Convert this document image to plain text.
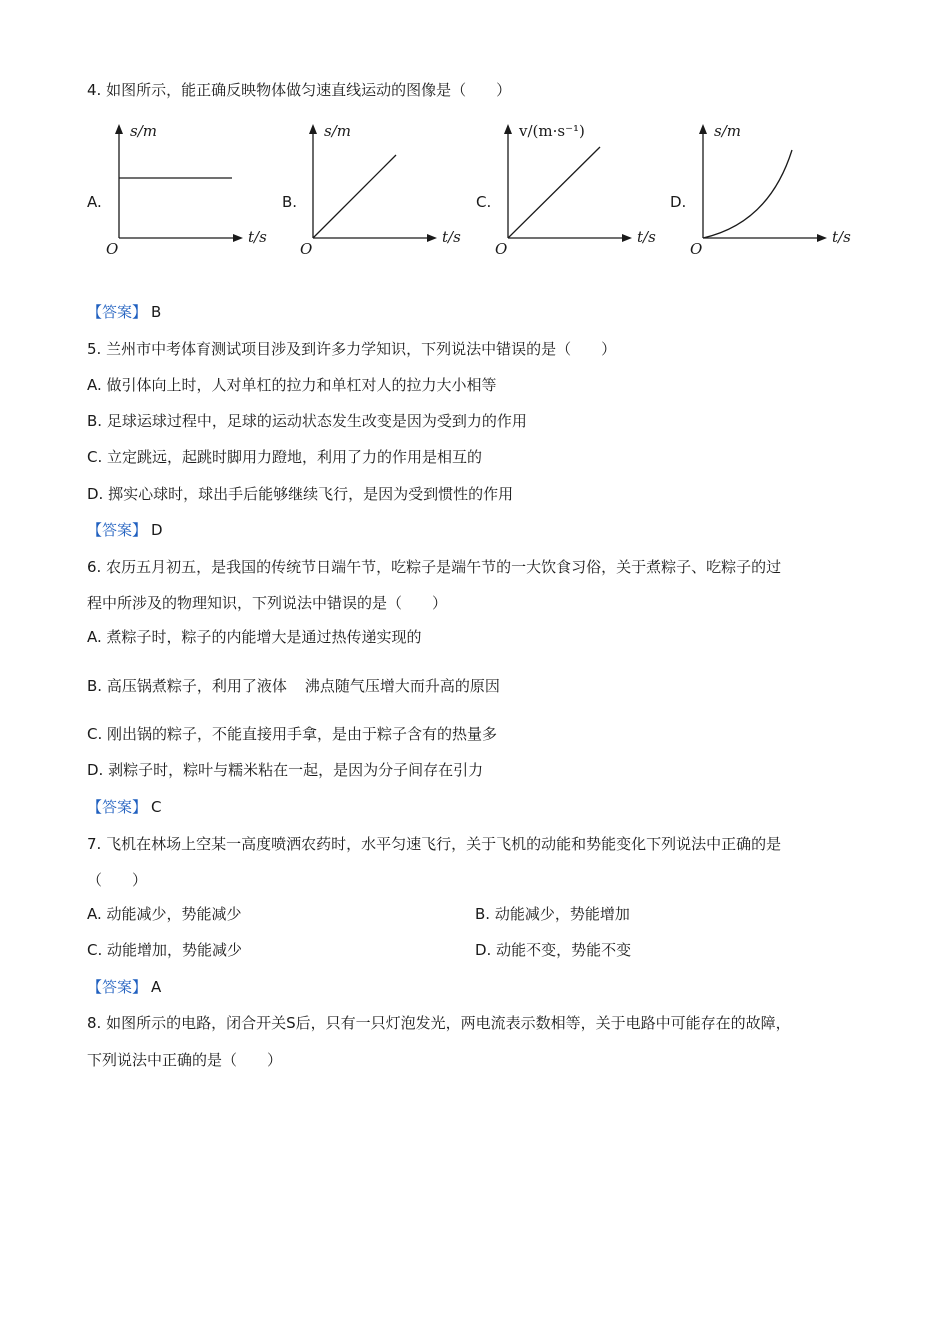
4. 如图所示，能正确反映物体做匀速直线运动的图像是（　　）
A.	B.	C.	D.
s/m
t/s
O
s/m
t/s
O
v/(m·s⁻¹)
t/s
O
s/m
t/s
O
【答案】 B
5. 兰州市中考体育测试项目涉及到许多力学知识，下列说法中错误的是（　　）
A. 做引体向上时，人对单杠的拉力和单杠对人的拉力大小相等
B. 足球运球过程中，足球的运动状态发生改变是因为受到力的作用
C. 立定跳远，起跳时脚用力蹬地，利用了力的作用是相互的
D. 掷实心球时，球出手后能够继续飞行，是因为受到惯性的作用
【答案】 D
6. 农历五月初五，是我国的传统节日端午节，吃粽子是端午节的一大饮食习俗，关于煮粽子、吃粽子的过
程中所涉及的物理知识，下列说法中错误的是（　　）
A. 煮粽子时，粽子的内能增大是通过热传递实现的
B. 高压锅煮粽子，利用了液体 沸点随气压增大而升高的原因
C. 刚出锅的粽子，不能直接用手拿，是由于粽子含有的热量多
D. 剥粽子时，粽叶与糯米粘在一起，是因为分子间存在引力
【答案】 C
7. 飞机在林场上空某一高度喷洒农药时，水平匀速飞行，关于飞机的动能和势能变化下列说法中正确的是
（　　）
A. 动能减少，势能减少	B. 动能减少，势能增加
C. 动能增加，势能减少	D. 动能不变，势能不变
【答案】 A
8. 如图所示的电路，闭合开关S后，只有一只灯泡发光，两电流表示数相等，关于电路中可能存在的故障，
下列说法中正确的是（　　）
